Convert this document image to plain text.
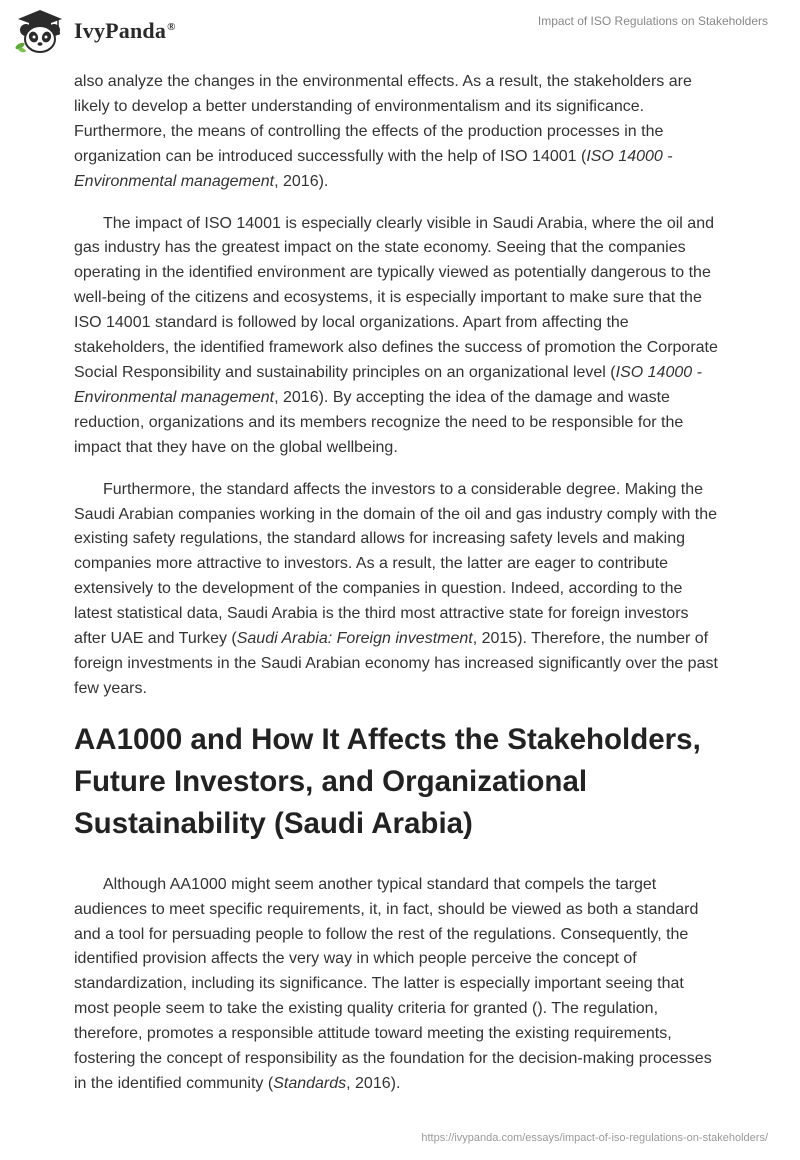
IvyPanda®	Impact of ISO Regulations on Stakeholders

also analyze the changes in the environmental effects. As a result, the stakeholders are likely to develop a better understanding of environmentalism and its significance. Furthermore, the means of controlling the effects of the production processes in the organization can be introduced successfully with the help of ISO 14001 (ISO 14000 - Environmental management, 2016).

The impact of ISO 14001 is especially clearly visible in Saudi Arabia, where the oil and gas industry has the greatest impact on the state economy. Seeing that the companies operating in the identified environment are typically viewed as potentially dangerous to the well-being of the citizens and ecosystems, it is especially important to make sure that the ISO 14001 standard is followed by local organizations. Apart from affecting the stakeholders, the identified framework also defines the success of promotion the Corporate Social Responsibility and sustainability principles on an organizational level (ISO 14000 - Environmental management, 2016). By accepting the idea of the damage and waste reduction, organizations and its members recognize the need to be responsible for the impact that they have on the global wellbeing.

Furthermore, the standard affects the investors to a considerable degree. Making the Saudi Arabian companies working in the domain of the oil and gas industry comply with the existing safety regulations, the standard allows for increasing safety levels and making companies more attractive to investors. As a result, the latter are eager to contribute extensively to the development of the companies in question. Indeed, according to the latest statistical data, Saudi Arabia is the third most attractive state for foreign investors after UAE and Turkey (Saudi Arabia: Foreign investment, 2015). Therefore, the number of foreign investments in the Saudi Arabian economy has increased significantly over the past few years.

AA1000 and How It Affects the Stakeholders, Future Investors, and Organizational Sustainability (Saudi Arabia)

Although AA1000 might seem another typical standard that compels the target audiences to meet specific requirements, it, in fact, should be viewed as both a standard and a tool for persuading people to follow the rest of the regulations. Consequently, the identified provision affects the very way in which people perceive the concept of standardization, including its significance. The latter is especially important seeing that most people seem to take the existing quality criteria for granted (). The regulation, therefore, promotes a responsible attitude toward meeting the existing requirements, fostering the concept of responsibility as the foundation for the decision-making processes in the identified community (Standards, 2016).

https://ivypanda.com/essays/impact-of-iso-regulations-on-stakeholders/
